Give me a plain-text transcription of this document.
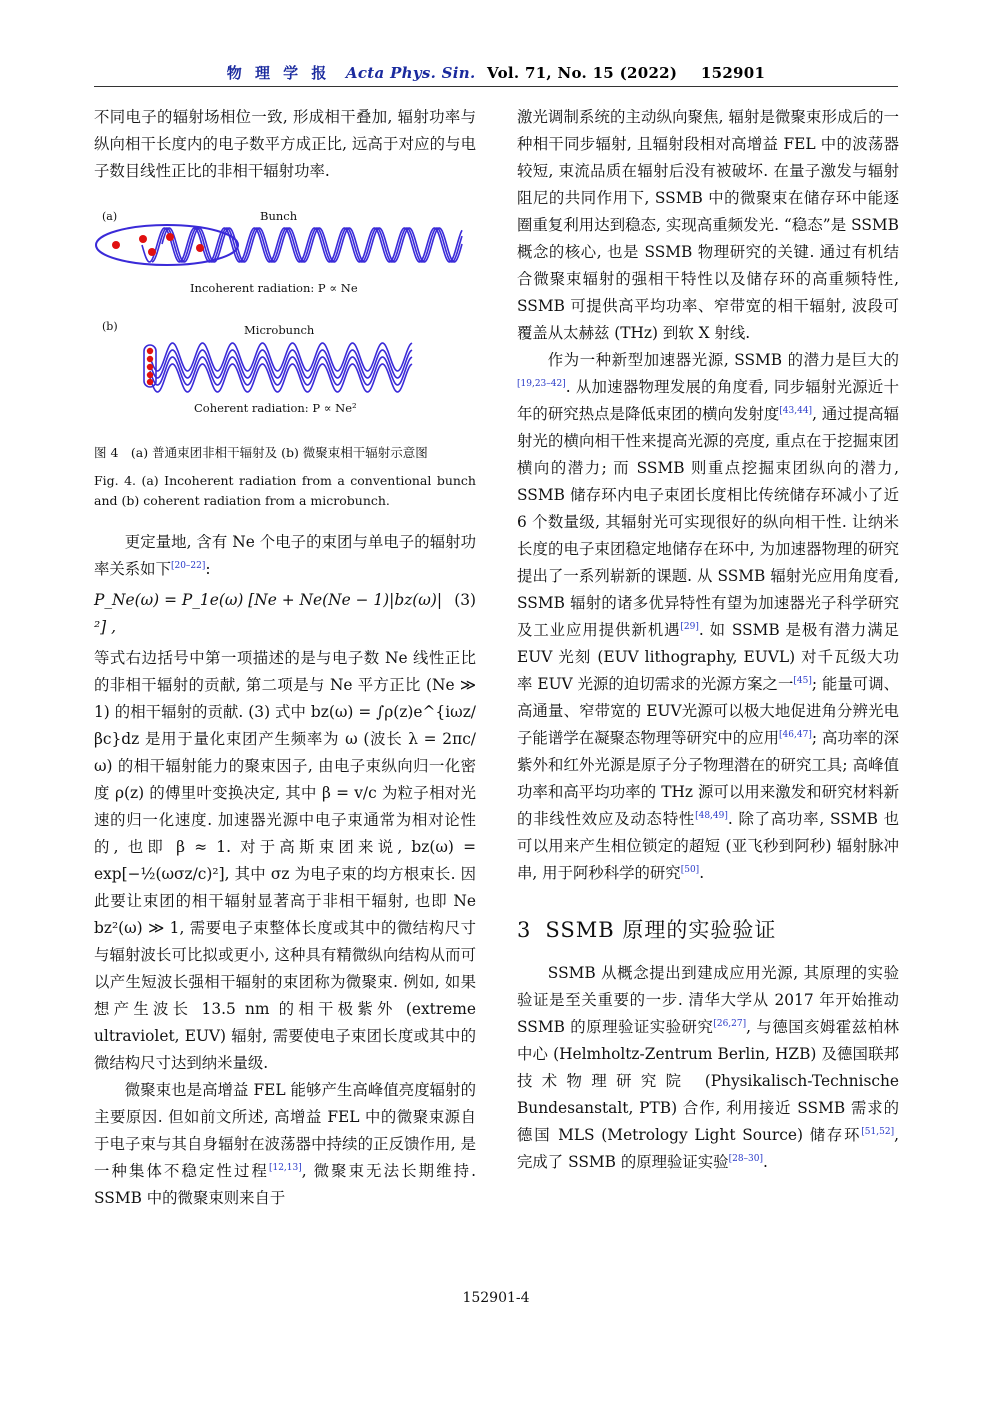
物 理 学 报 Acta Phys. Sin. Vol. 71, No. 15 (2022) 152901

不同电子的辐射场相位一致, 形成相干叠加, 辐射功率与纵向相干长度内的电子数平方成正比, 远高于对应的与电子数目线性正比的非相干辐射功率.

(a)	Bunch
Incoherent radiation: P ∝ Ne
(b)	Microbunch
Coherent radiation: P ∝ Ne²
图 4　(a) 普通束团非相干辐射及 (b) 微聚束相干辐射示意图
Fig. 4. (a) Incoherent radiation from a conventional bunch and (b) coherent radiation from a microbunch.

更定量地, 含有 Ne 个电子的束团与单电子的辐射功率关系如下[20–22]:

P_Ne(ω) = P_1e(ω) [Ne + Ne(Ne − 1)|bz(ω)|²] ,
(3)

等式右边括号中第一项描述的是与电子数 Ne 线性正比的非相干辐射的贡献, 第二项是与 Ne 平方正比 (Ne ≫ 1) 的相干辐射的贡献. (3) 式中 bz(ω) = ∫ρ(z)e^{iωz/βc}dz 是用于量化束团产生频率为 ω (波长 λ = 2πc/ω) 的相干辐射能力的聚束因子, 由电子束纵向归一化密度 ρ(z) 的傅里叶变换决定, 其中 β = v/c 为粒子相对光速的归一化速度. 加速器光源中电子束通常为相对论性的, 也即 β ≈ 1. 对于高斯束团来说, bz(ω) = exp[−½(ωσz/c)²], 其中 σz 为电子束的均方根束长. 因此要让束团的相干辐射显著高于非相干辐射, 也即 Ne bz²(ω) ≫ 1, 需要电子束整体长度或其中的微结构尺寸与辐射波长可比拟或更小, 这种具有精微纵向结构从而可以产生短波长强相干辐射的束团称为微聚束. 例如, 如果想产生波长 13.5 nm 的相干极紫外 (extreme ultraviolet, EUV) 辐射, 需要使电子束团长度或其中的微结构尺寸达到纳米量级.

微聚束也是高增益 FEL 能够产生高峰值亮度辐射的主要原因. 但如前文所述, 高增益 FEL 中的微聚束源自于电子束与其自身辐射在波荡器中持续的正反馈作用, 是一种集体不稳定性过程[12,13], 微聚束无法长期维持. SSMB 中的微聚束则来自于

激光调制系统的主动纵向聚焦, 辐射是微聚束形成后的一种相干同步辐射, 且辐射段相对高增益 FEL 中的波荡器较短, 束流品质在辐射后没有被破坏. 在量子激发与辐射阻尼的共同作用下, SSMB 中的微聚束在储存环中能逐圈重复利用达到稳态, 实现高重频发光. “稳态”是 SSMB 概念的核心, 也是 SSMB 物理研究的关键. 通过有机结合微聚束辐射的强相干特性以及储存环的高重频特性, SSMB 可提供高平均功率、窄带宽的相干辐射, 波段可覆盖从太赫兹 (THz) 到软 X 射线.

作为一种新型加速器光源, SSMB 的潜力是巨大的[19,23–42]. 从加速器物理发展的角度看, 同步辐射光源近十年的研究热点是降低束团的横向发射度[43,44], 通过提高辐射光的横向相干性来提高光源的亮度, 重点在于挖掘束团横向的潜力; 而 SSMB 则重点挖掘束团纵向的潜力, SSMB 储存环内电子束团长度相比传统储存环减小了近 6 个数量级, 其辐射光可实现很好的纵向相干性. 让纳米长度的电子束团稳定地储存在环中, 为加速器物理的研究提出了一系列崭新的课题. 从 SSMB 辐射光应用角度看, SSMB 辐射的诸多优异特性有望为加速器光子科学研究及工业应用提供新机遇[29]. 如 SSMB 是极有潜力满足 EUV 光刻 (EUV lithography, EUVL) 对千瓦级大功率 EUV 光源的迫切需求的光源方案之一[45]; 能量可调、高通量、窄带宽的 EUV光源可以极大地促进角分辨光电子能谱学在凝聚态物理等研究中的应用[46,47]; 高功率的深紫外和红外光源是原子分子物理潜在的研究工具; 高峰值功率和高平均功率的 THz 源可以用来激发和研究材料新的非线性效应及动态特性[48,49]. 除了高功率, SSMB 也可以用来产生相位锁定的超短 (亚飞秒到阿秒) 辐射脉冲串, 用于阿秒科学的研究[50].

3 SSMB 原理的实验验证

SSMB 从概念提出到建成应用光源, 其原理的实验验证是至关重要的一步. 清华大学从 2017 年开始推动 SSMB 的原理验证实验研究[26,27], 与德国亥姆霍兹柏林中心 (Helmholtz-Zentrum Berlin, HZB) 及德国联邦技术物理研究院 (Physikalisch-Technische Bundesanstalt, PTB) 合作, 利用接近 SSMB 需求的德国 MLS (Metrology Light Source) 储存环[51,52], 完成了 SSMB 的原理验证实验[28–30].

152901-4
